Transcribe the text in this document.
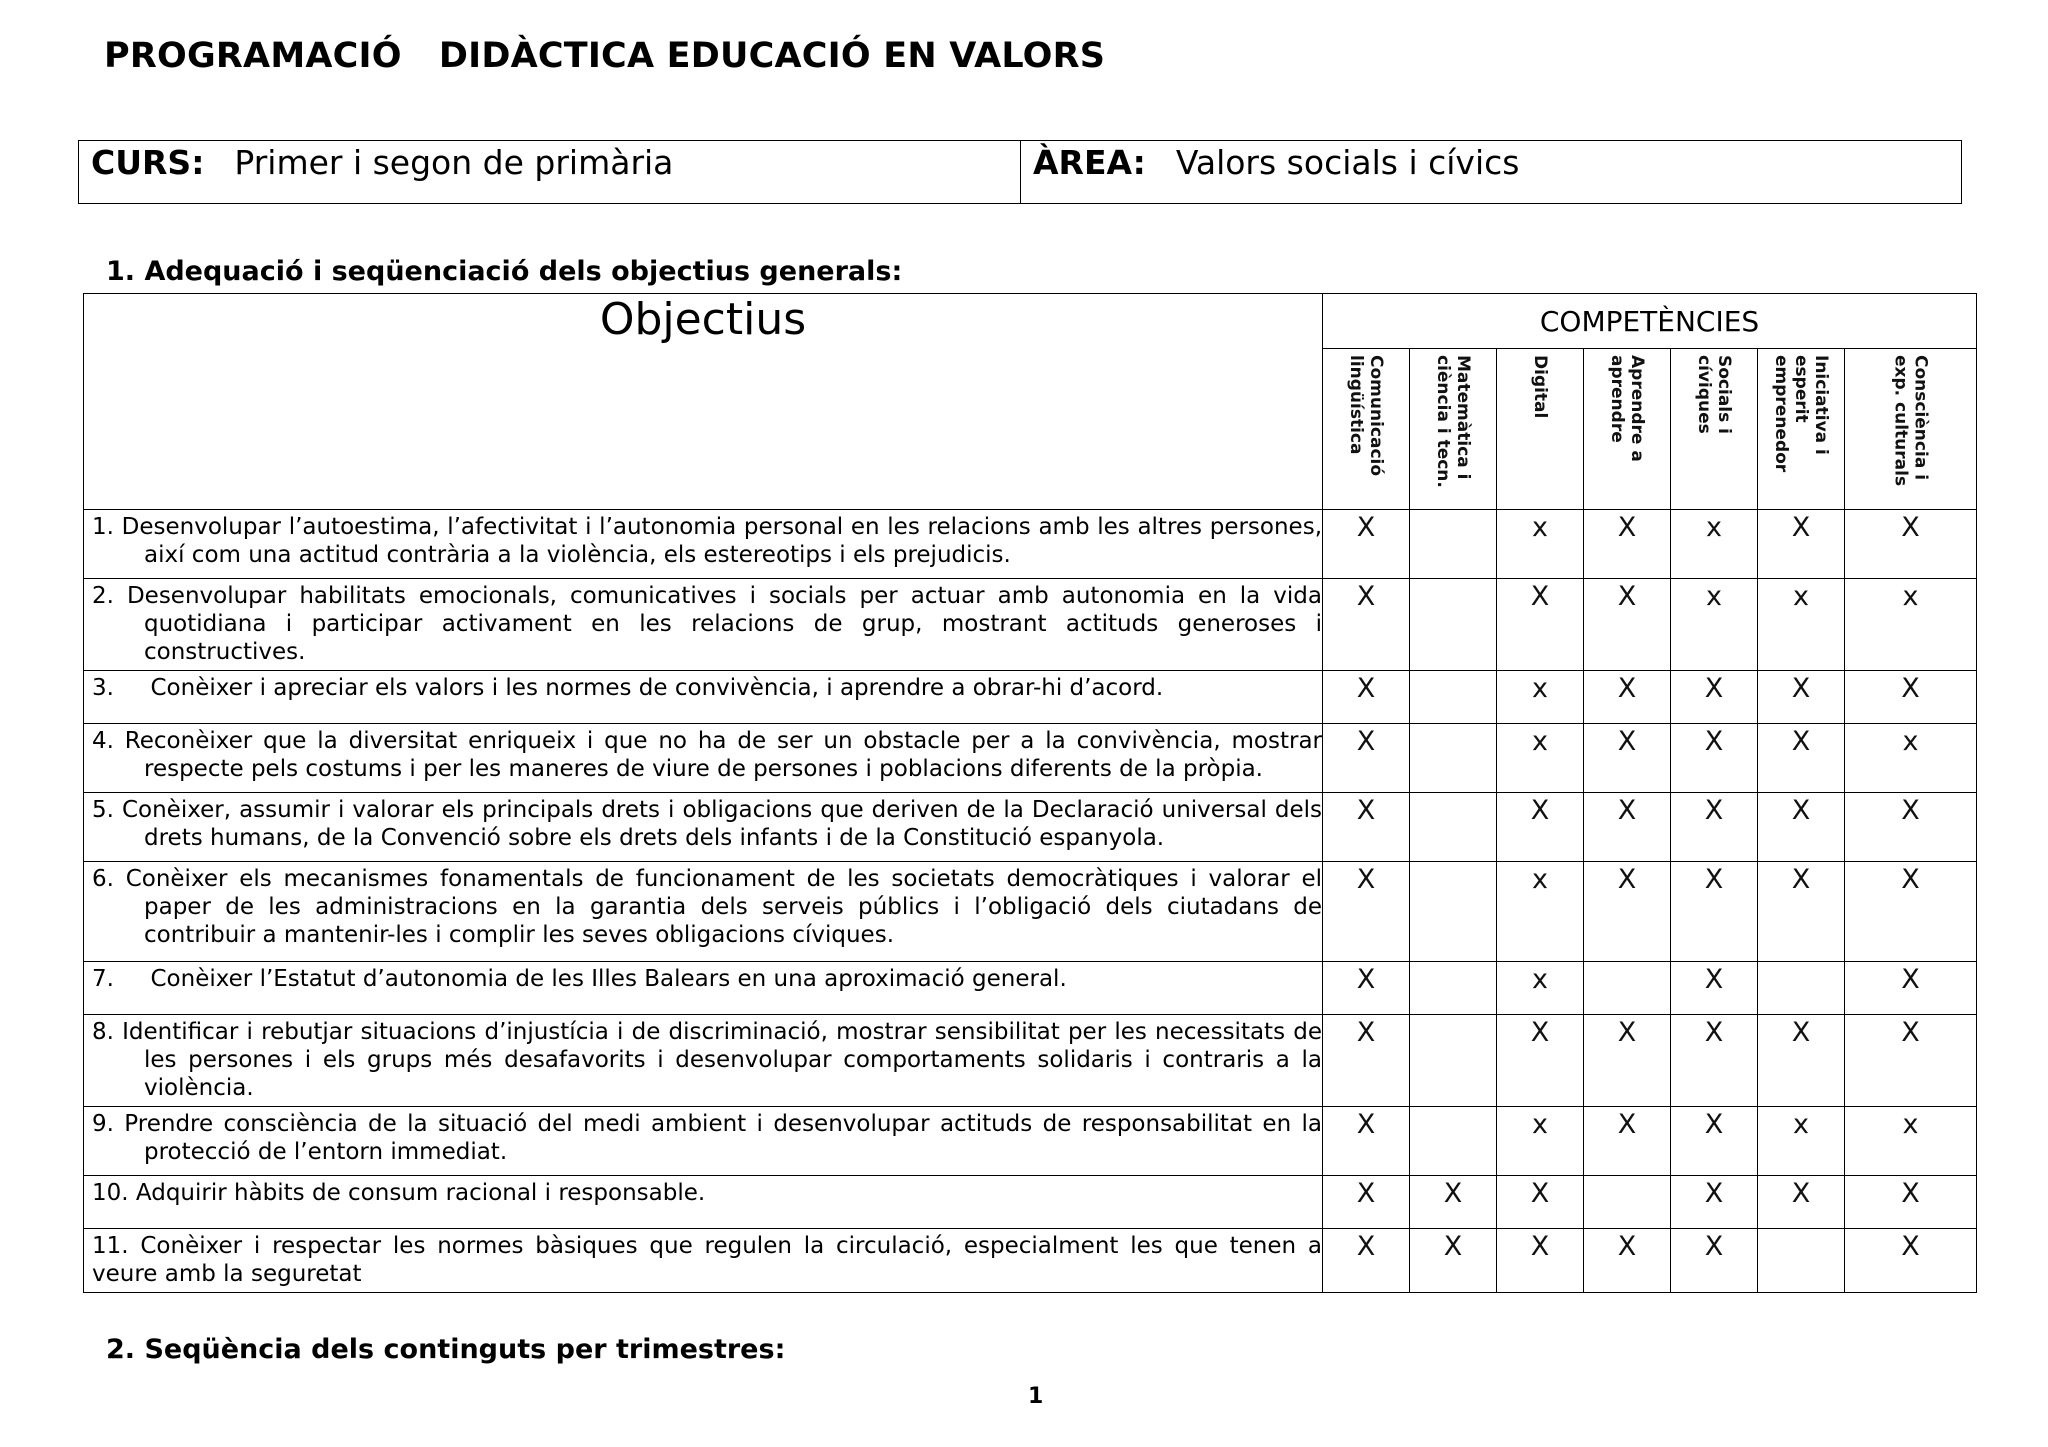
PROGRAMACIÓ   DIDÀCTICA EDUCACIÓ EN VALORS
CURS: Primer i segon de primària	ÀREA: Valors socials i cívics
1. Adequació i seqüenciació dels objectius generals:
Objectius	COMPETÈNCIES						

	Comunicació
lingüística	Matemàtica i
ciència i tecn.	Digital	Aprendre a
aprendre	Socials i
cíviques	Iniciativa i
esperit
emprenedor	Consciència i
exp. culturals

1. Desenvolupar l’autoestima, l’afectivitat i l’autonomia personal en les relacions amb les altres persones, així com una actitud contrària a la violència, els estereotips i els prejudicis.	X		x	X	x	X	X

2. Desenvolupar habilitats emocionals, comunicatives i socials per actuar amb autonomia en la vida quotidiana i participar activament en les relacions de grup, mostrant actituds generoses i constructives.	X		X	X	x	x	x

3.     Conèixer i apreciar els valors i les normes de convivència, i aprendre a obrar-hi d’acord.	X		x	X	X	X	X

4. Reconèixer que la diversitat enriqueix i que no ha de ser un obstacle per a la convivència, mostrar respecte pels costums i per les maneres de viure de persones i poblacions diferents de la pròpia.	X		x	X	X	X	x

5. Conèixer, assumir i valorar els principals drets i obligacions que deriven de la Declaració universal dels drets humans, de la Convenció sobre els drets dels infants i de la Constitució espanyola.	X		X	X	X	X	X

6. Conèixer els mecanismes fonamentals de funcionament de les societats democràtiques i valorar el paper de les administracions en la garantia dels serveis públics i l’obligació dels ciutadans de contribuir a mantenir-les i complir les seves obligacions cíviques.	X		x	X	X	X	X

7.     Conèixer l’Estatut d’autonomia de les Illes Balears en una aproximació general.	X		x		X		X

8. Identificar i rebutjar situacions d’injustícia i de discriminació, mostrar sensibilitat per les necessitats de les persones i els grups més desafavorits i desenvolupar comportaments solidaris i contraris a la violència.	X		X	X	X	X	X

9. Prendre consciència de la situació del medi ambient i desenvolupar actituds de responsabilitat en la protecció de l’entorn immediat.	X		x	X	X	x	x

10. Adquirir hàbits de consum racional i responsable.	X	X	X		X	X	X

11. Conèixer i respectar les normes bàsiques que regulen la circulació, especialment les que tenen a veure amb la seguretat	X	X	X	X	X		X
2. Seqüència dels continguts per trimestres:
1
